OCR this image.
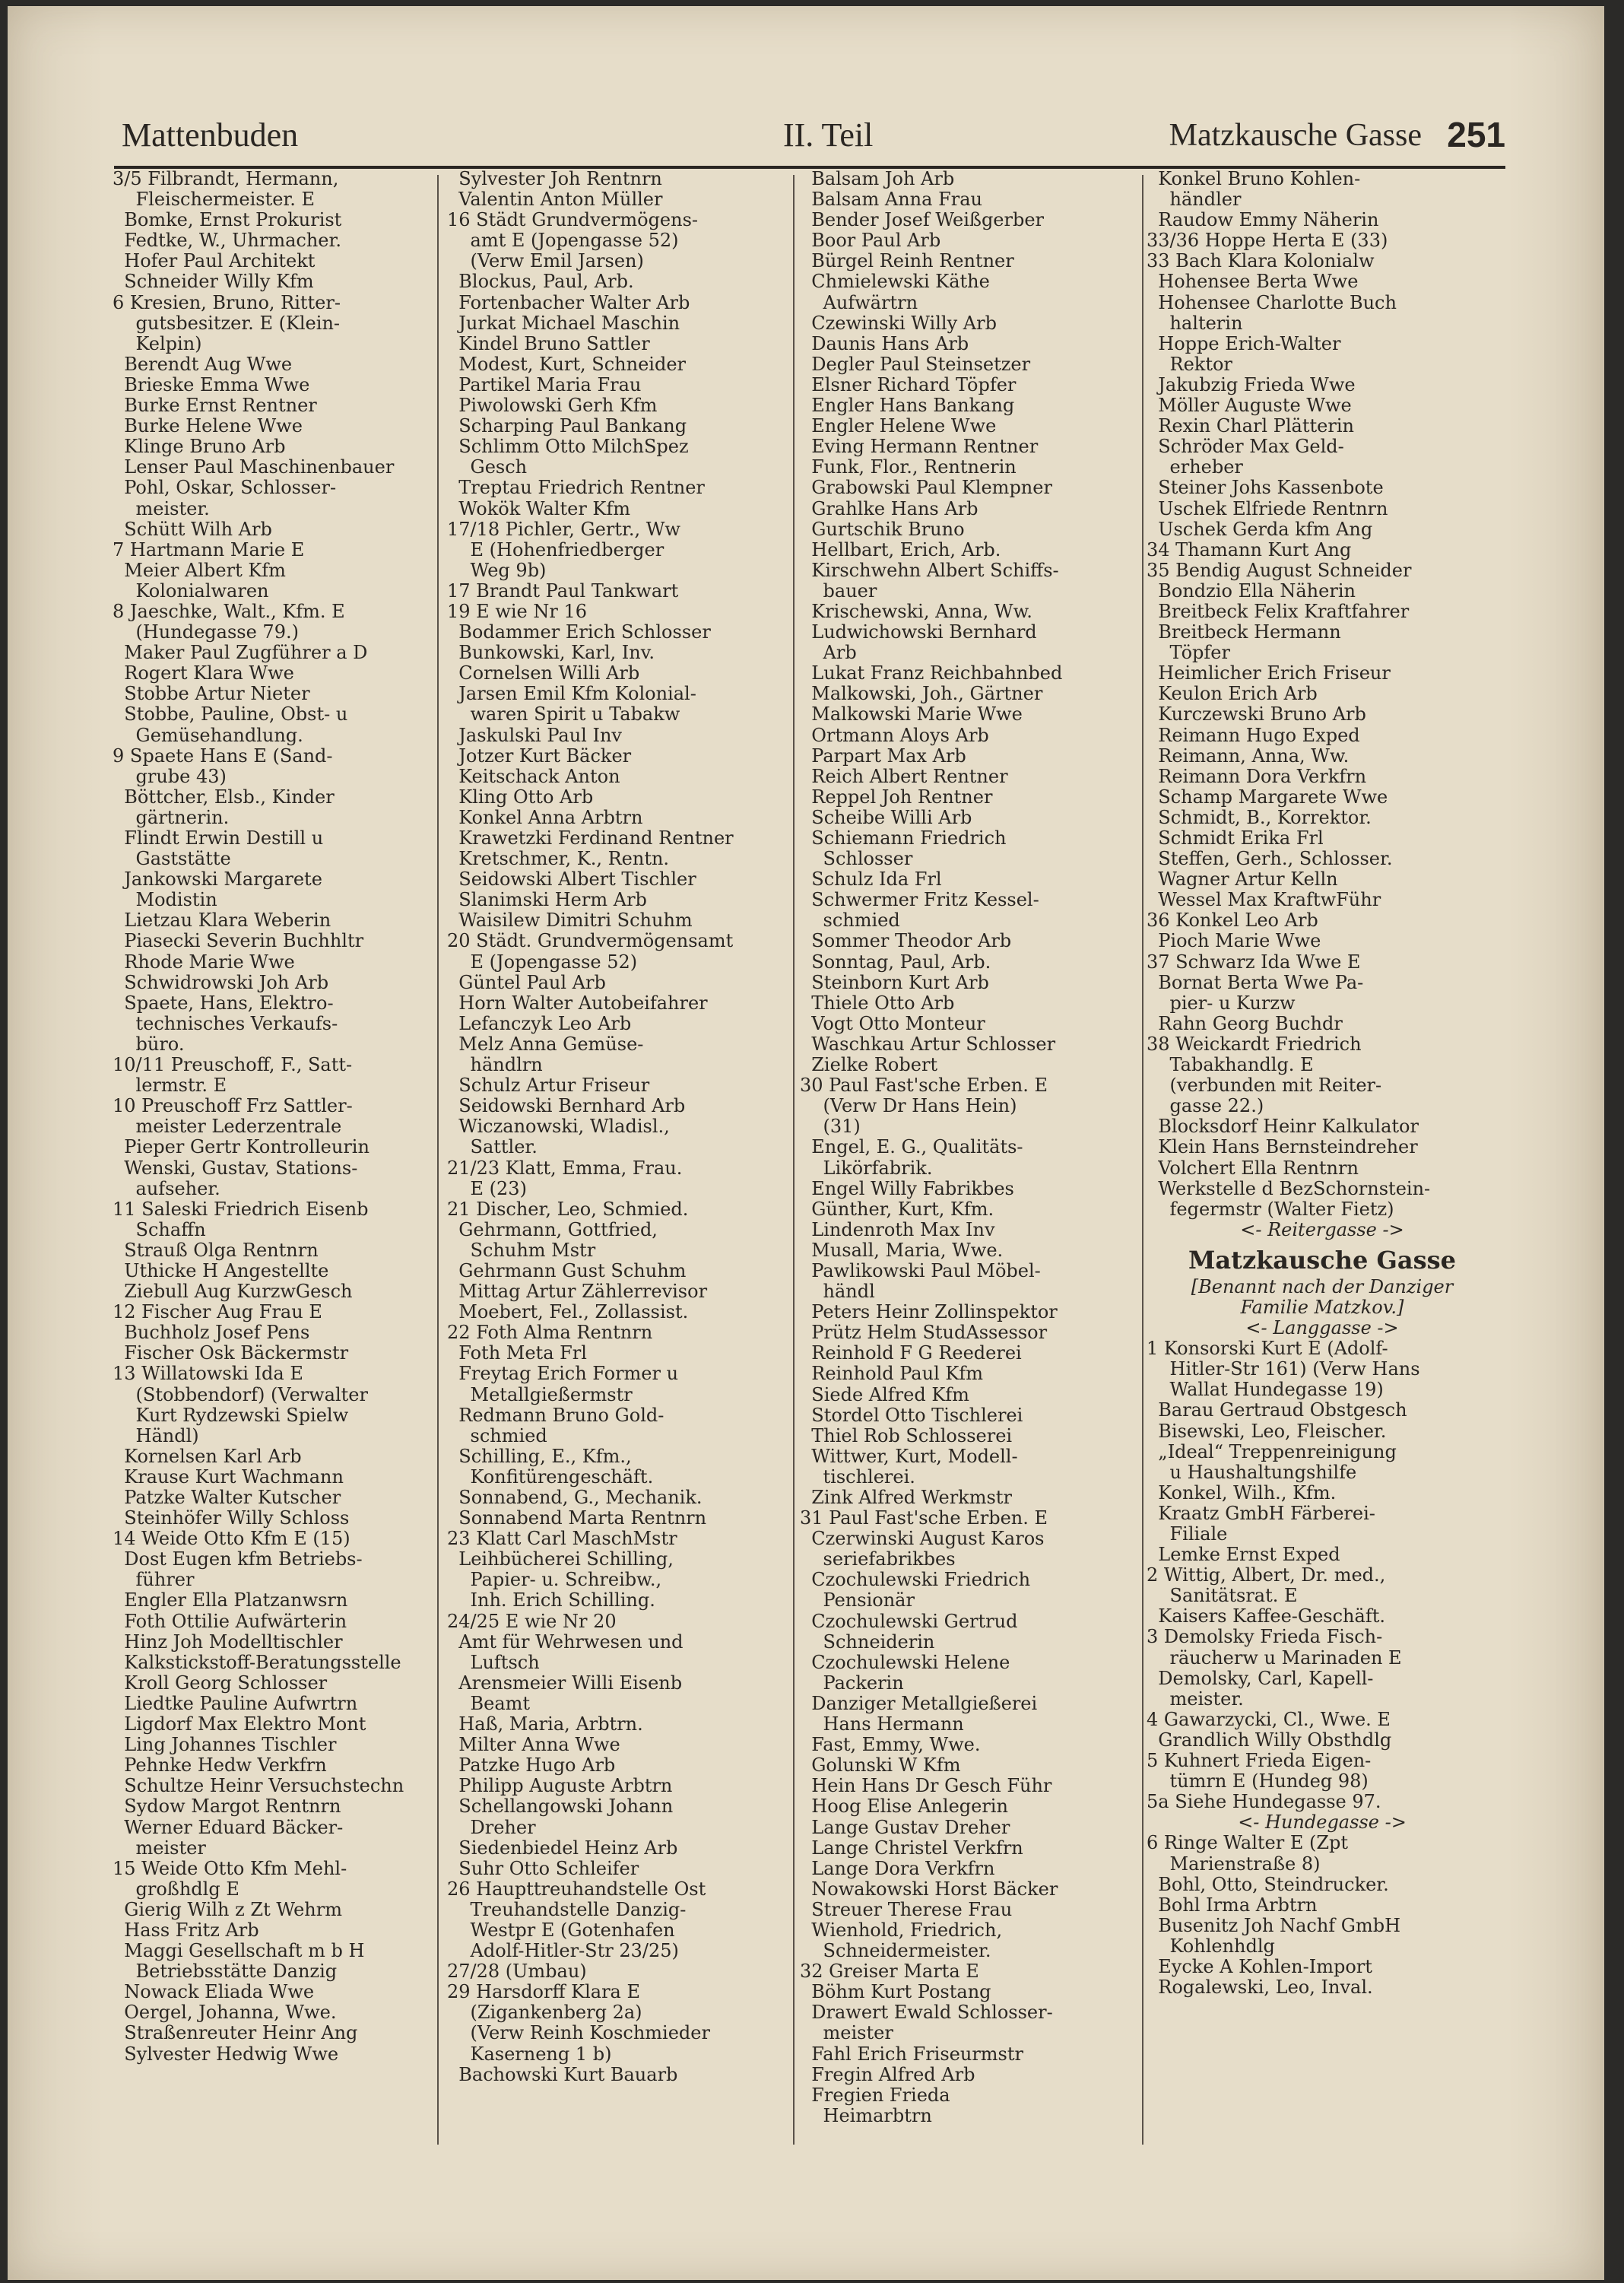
Mattenbuden	II. Teil	Matzkausche Gasse 251
3/5 Filbrandt, Hermann,
Fleischermeister. E
Bomke, Ernst Prokurist
Fedtke, W., Uhrmacher.
Hofer Paul Architekt
Schneider Willy Kfm
6 Kresien, Bruno, Ritter-
gutsbesitzer. E (Klein-
Kelpin)
Berendt Aug Wwe
Brieske Emma Wwe
Burke Ernst Rentner
Burke Helene Wwe
Klinge Bruno Arb
Lenser Paul Maschinenbauer
Pohl, Oskar, Schlosser-
meister.
Schütt Wilh Arb
7 Hartmann Marie E
Meier Albert Kfm
Kolonialwaren
8 Jaeschke, Walt., Kfm. E
(Hundegasse 79.)
Maker Paul Zugführer a D
Rogert Klara Wwe
Stobbe Artur Nieter
Stobbe, Pauline, Obst- u
Gemüsehandlung.
9 Spaete Hans E (Sand-
grube 43)
Böttcher, Elsb., Kinder
gärtnerin.
Flindt Erwin Destill u
Gaststätte
Jankowski Margarete
Modistin
Lietzau Klara Weberin
Piasecki Severin Buchhltr
Rhode Marie Wwe
Schwidrowski Joh Arb
Spaete, Hans, Elektro-
technisches Verkaufs-
büro.
10/11 Preuschoff, F., Satt-
lermstr. E
10 Preuschoff Frz Sattler-
meister Lederzentrale
Pieper Gertr Kontrolleurin
Wenski, Gustav, Stations-
aufseher.
11 Saleski Friedrich Eisenb
Schaffn
Strauß Olga Rentnrn
Uthicke H Angestellte
Ziebull Aug KurzwGesch
12 Fischer Aug Frau E
Buchholz Josef Pens
Fischer Osk Bäckermstr
13 Willatowski Ida E
(Stobbendorf) (Verwalter
Kurt Rydzewski Spielw
Händl)
Kornelsen Karl Arb
Krause Kurt Wachmann
Patzke Walter Kutscher
Steinhöfer Willy Schloss
14 Weide Otto Kfm E (15)
Dost Eugen kfm Betriebs-
führer
Engler Ella Platzanwsrn
Foth Ottilie Aufwärterin
Hinz Joh Modelltischler
Kalkstickstoff-Beratungsstelle
Kroll Georg Schlosser
Liedtke Pauline Aufwrtrn
Ligdorf Max Elektro Mont
Ling Johannes Tischler
Pehnke Hedw Verkfrn
Schultze Heinr Versuchstechn
Sydow Margot Rentnrn
Werner Eduard Bäcker-
meister
15 Weide Otto Kfm Mehl-
großhdlg E
Gierig Wilh z Zt Wehrm
Hass Fritz Arb
Maggi Gesellschaft m b H
Betriebsstätte Danzig
Nowack Eliada Wwe
Oergel, Johanna, Wwe.
Straßenreuter Heinr Ang
Sylvester Hedwig Wwe
Sylvester Joh Rentnrn
Valentin Anton Müller
16 Städt Grundvermögens-
amt E (Jopengasse 52)
(Verw Emil Jarsen)
Blockus, Paul, Arb.
Fortenbacher Walter Arb
Jurkat Michael Maschin
Kindel Bruno Sattler
Modest, Kurt, Schneider
Partikel Maria Frau
Piwolowski Gerh Kfm
Scharping Paul Bankang
Schlimm Otto MilchSpez
Gesch
Treptau Friedrich Rentner
Wokök Walter Kfm
17/18 Pichler, Gertr., Ww
E (Hohenfriedberger
Weg 9b)
17 Brandt Paul Tankwart
19 E wie Nr 16
Bodammer Erich Schlosser
Bunkowski, Karl, Inv.
Cornelsen Willi Arb
Jarsen Emil Kfm Kolonial-
waren Spirit u Tabakw
Jaskulski Paul Inv
Jotzer Kurt Bäcker
Keitschack Anton
Kling Otto Arb
Konkel Anna Arbtrn
Krawetzki Ferdinand Rentner
Kretschmer, K., Rentn.
Seidowski Albert Tischler
Slanimski Herm Arb
Waisilew Dimitri Schuhm
20 Städt. Grundvermögensamt
E (Jopengasse 52)
Güntel Paul Arb
Horn Walter Autobeifahrer
Lefanczyk Leo Arb
Melz Anna Gemüse-
händlrn
Schulz Artur Friseur
Seidowski Bernhard Arb
Wiczanowski, Wladisl.,
Sattler.
21/23 Klatt, Emma, Frau.
E (23)
21 Discher, Leo, Schmied.
Gehrmann, Gottfried,
Schuhm Mstr
Gehrmann Gust Schuhm
Mittag Artur Zählerrevisor
Moebert, Fel., Zollassist.
22 Foth Alma Rentnrn
Foth Meta Frl
Freytag Erich Former u
Metallgießermstr
Redmann Bruno Gold-
schmied
Schilling, E., Kfm.,
Konfitürengeschäft.
Sonnabend, G., Mechanik.
Sonnabend Marta Rentnrn
23 Klatt Carl MaschMstr
Leihbücherei Schilling,
Papier- u. Schreibw.,
Inh. Erich Schilling.
24/25 E wie Nr 20
Amt für Wehrwesen und
Luftsch
Arensmeier Willi Eisenb
Beamt
Haß, Maria, Arbtrn.
Milter Anna Wwe
Patzke Hugo Arb
Philipp Auguste Arbtrn
Schellangowski Johann
Dreher
Siedenbiedel Heinz Arb
Suhr Otto Schleifer
26 Haupttreuhandstelle Ost
Treuhandstelle Danzig-
Westpr E (Gotenhafen
Adolf-Hitler-Str 23/25)
27/28 (Umbau)
29 Harsdorff Klara E
(Zigankenberg 2a)
(Verw Reinh Koschmieder
Kaserneng 1 b)
Bachowski Kurt Bauarb
Balsam Joh Arb
Balsam Anna Frau
Bender Josef Weißgerber
Boor Paul Arb
Bürgel Reinh Rentner
Chmielewski Käthe
Aufwärtrn
Czewinski Willy Arb
Daunis Hans Arb
Degler Paul Steinsetzer
Elsner Richard Töpfer
Engler Hans Bankang
Engler Helene Wwe
Eving Hermann Rentner
Funk, Flor., Rentnerin
Grabowski Paul Klempner
Grahlke Hans Arb
Gurtschik Bruno
Hellbart, Erich, Arb.
Kirschwehn Albert Schiffs-
bauer
Krischewski, Anna, Ww.
Ludwichowski Bernhard
Arb
Lukat Franz Reichbahnbed
Malkowski, Joh., Gärtner
Malkowski Marie Wwe
Ortmann Aloys Arb
Parpart Max Arb
Reich Albert Rentner
Reppel Joh Rentner
Scheibe Willi Arb
Schiemann Friedrich
Schlosser
Schulz Ida Frl
Schwermer Fritz Kessel-
schmied
Sommer Theodor Arb
Sonntag, Paul, Arb.
Steinborn Kurt Arb
Thiele Otto Arb
Vogt Otto Monteur
Waschkau Artur Schlosser
Zielke Robert
30 Paul Fast'sche Erben. E
(Verw Dr Hans Hein)
(31)
Engel, E. G., Qualitäts-
Likörfabrik.
Engel Willy Fabrikbes
Günther, Kurt, Kfm.
Lindenroth Max Inv
Musall, Maria, Wwe.
Pawlikowski Paul Möbel-
händl
Peters Heinr Zollinspektor
Prütz Helm StudAssessor
Reinhold F G Reederei
Reinhold Paul Kfm
Siede Alfred Kfm
Stordel Otto Tischlerei
Thiel Rob Schlosserei
Wittwer, Kurt, Modell-
tischlerei.
Zink Alfred Werkmstr
31 Paul Fast'sche Erben. E
Czerwinski August Karos
seriefabrikbes
Czochulewski Friedrich
Pensionär
Czochulewski Gertrud
Schneiderin
Czochulewski Helene
Packerin
Danziger Metallgießerei
Hans Hermann
Fast, Emmy, Wwe.
Golunski W Kfm
Hein Hans Dr Gesch Führ
Hoog Elise Anlegerin
Lange Gustav Dreher
Lange Christel Verkfrn
Lange Dora Verkfrn
Nowakowski Horst Bäcker
Streuer Therese Frau
Wienhold, Friedrich,
Schneidermeister.
32 Greiser Marta E
Böhm Kurt Postang
Drawert Ewald Schlosser-
meister
Fahl Erich Friseurmstr
Fregin Alfred Arb
Fregien Frieda
Heimarbtrn
Konkel Bruno Kohlen-
händler
Raudow Emmy Näherin
33/36 Hoppe Herta E (33)
33 Bach Klara Kolonialw
Hohensee Berta Wwe
Hohensee Charlotte Buch
halterin
Hoppe Erich-Walter
Rektor
Jakubzig Frieda Wwe
Möller Auguste Wwe
Rexin Charl Plätterin
Schröder Max Geld-
erheber
Steiner Johs Kassenbote
Uschek Elfriede Rentnrn
Uschek Gerda kfm Ang
34 Thamann Kurt Ang
35 Bendig August Schneider
Bondzio Ella Näherin
Breitbeck Felix Kraftfahrer
Breitbeck Hermann
Töpfer
Heimlicher Erich Friseur
Keulon Erich Arb
Kurczewski Bruno Arb
Reimann Hugo Exped
Reimann, Anna, Ww.
Reimann Dora Verkfrn
Schamp Margarete Wwe
Schmidt, B., Korrektor.
Schmidt Erika Frl
Steffen, Gerh., Schlosser.
Wagner Artur Kelln
Wessel Max KraftwFühr
36 Konkel Leo Arb
Pioch Marie Wwe
37 Schwarz Ida Wwe E
Bornat Berta Wwe Pa-
pier- u Kurzw
Rahn Georg Buchdr
38 Weickardt Friedrich
Tabakhandlg. E
(verbunden mit Reiter-
gasse 22.)
Blocksdorf Heinr Kalkulator
Klein Hans Bernsteindreher
Volchert Ella Rentnrn
Werkstelle d BezSchornstein-
fegermstr (Walter Fietz)
<- Reitergasse ->
Matzkausche Gasse
[Benannt nach der Danziger
Familie Matzkov.]
<- Langgasse ->
1 Konsorski Kurt E (Adolf-
Hitler-Str 161) (Verw Hans
Wallat Hundegasse 19)
Barau Gertraud Obstgesch
Bisewski, Leo, Fleischer.
„Ideal“ Treppenreinigung
u Haushaltungshilfe
Konkel, Wilh., Kfm.
Kraatz GmbH Färberei-
Filiale
Lemke Ernst Exped
2 Wittig, Albert, Dr. med.,
Sanitätsrat. E
Kaisers Kaffee-Geschäft.
3 Demolsky Frieda Fisch-
räucherw u Marinaden E
Demolsky, Carl, Kapell-
meister.
4 Gawarzycki, Cl., Wwe. E
Grandlich Willy Obsthdlg
5 Kuhnert Frieda Eigen-
tümrn E (Hundeg 98)
5a Siehe Hundegasse 97.
<- Hundegasse ->
6 Ringe Walter E (Zpt
Marienstraße 8)
Bohl, Otto, Steindrucker.
Bohl Irma Arbtrn
Busenitz Joh Nachf GmbH
Kohlenhdlg
Eycke A Kohlen-Import
Rogalewski, Leo, Inval.
